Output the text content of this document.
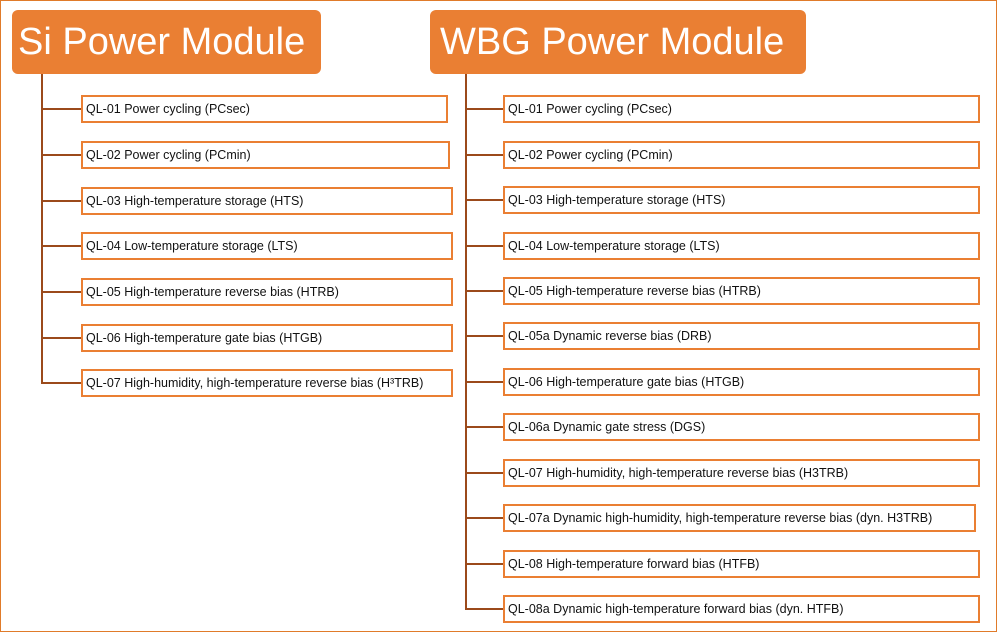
Si Power Module
QL-01 Power cycling (PCsec)
QL-02 Power cycling (PCmin)
QL-03 High-temperature storage (HTS)
QL-04 Low-temperature storage (LTS)
QL-05 High-temperature reverse bias (HTRB)
QL-06 High-temperature gate bias (HTGB)
QL-07 High-humidity, high-temperature reverse bias (H³TRB)
WBG Power Module
QL-01 Power cycling (PCsec)
QL-02 Power cycling (PCmin)
QL-03 High-temperature storage (HTS)
QL-04 Low-temperature storage (LTS)
QL-05 High-temperature reverse bias (HTRB)
QL-05a Dynamic reverse bias (DRB)
QL-06 High-temperature gate bias (HTGB)
QL-06a Dynamic gate stress (DGS)
QL-07 High-humidity, high-temperature reverse bias (H3TRB)
QL-07a Dynamic high-humidity, high-temperature reverse bias (dyn. H3TRB)
QL-08 High-temperature forward bias (HTFB)
QL-08a Dynamic high-temperature forward bias (dyn. HTFB)
